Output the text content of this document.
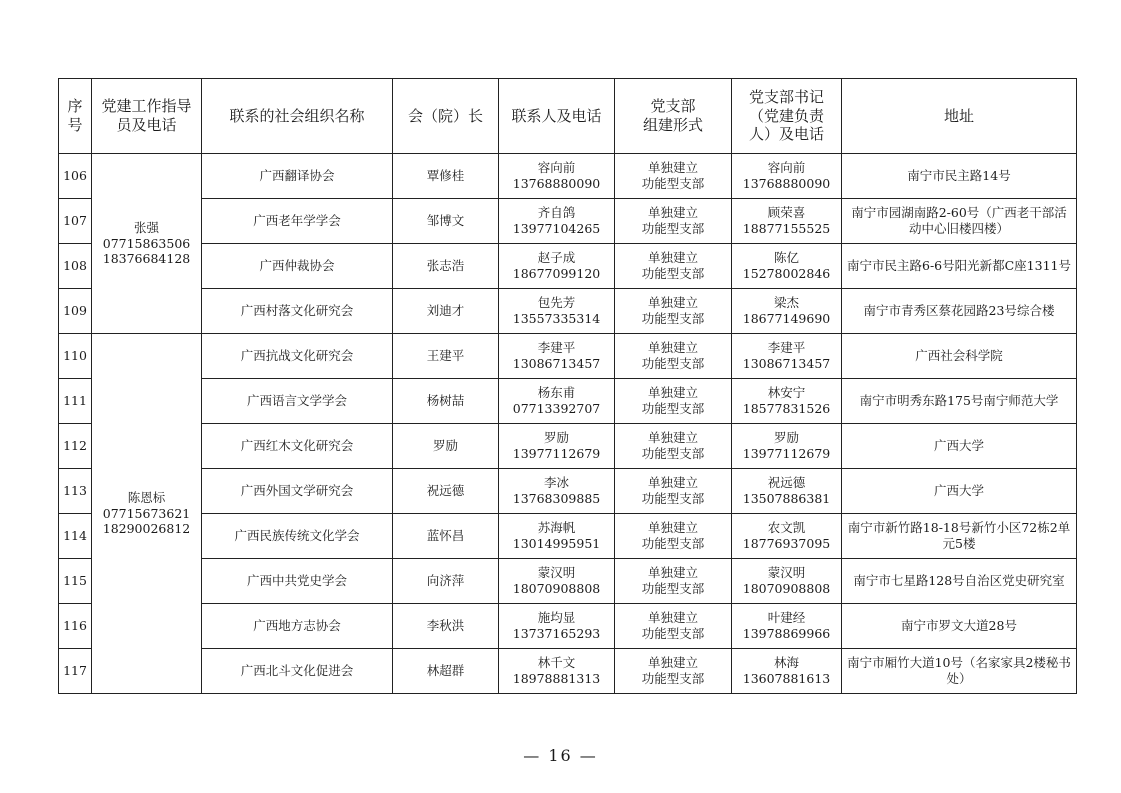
序
号	党建工作指导
员及电话	联系的社会组织名称	会（院）长	联系人及电话	党支部
组建形式	党支部书记
（党建负责
人）及电话	地址
106	张强
07715863506
18376684128	广西翻译协会	覃修桂	容向前
13768880090	单独建立
功能型支部	容向前
13768880090	南宁市民主路14号
107		广西老年学学会	邹博文	齐自鸽
13977104265	单独建立
功能型支部	顾荣喜
18877155525	南宁市园湖南路2-60号（广西老干部活动中心旧楼四楼）
108		广西仲裁协会	张志浩	赵子成
18677099120	单独建立
功能型支部	陈亿
15278002846	南宁市民主路6-6号阳光新都C座1311号
109		广西村落文化研究会	刘迪才	包先芳
13557335314	单独建立
功能型支部	梁杰
18677149690	南宁市青秀区蔡花园路23号综合楼
110	陈恩标
07715673621
18290026812	广西抗战文化研究会	王建平	李建平
13086713457	单独建立
功能型支部	李建平
13086713457	广西社会科学院
111		广西语言文学学会	杨树喆	杨东甫
07713392707	单独建立
功能型支部	林安宁
18577831526	南宁市明秀东路175号南宁师范大学
112		广西红木文化研究会	罗励	罗励
13977112679	单独建立
功能型支部	罗励
13977112679	广西大学
113		广西外国文学研究会	祝远德	李冰
13768309885	单独建立
功能型支部	祝远德
13507886381	广西大学
114		广西民族传统文化学会	蓝怀昌	苏海帆
13014995951	单独建立
功能型支部	农文凯
18776937095	南宁市新竹路18-18号新竹小区72栋2单元5楼
115		广西中共党史学会	向济萍	蒙汉明
18070908808	单独建立
功能型支部	蒙汉明
18070908808	南宁市七星路128号自治区党史研究室
116		广西地方志协会	李秋洪	施均显
13737165293	单独建立
功能型支部	叶建经
13978869966	南宁市罗文大道28号
117		广西北斗文化促进会	林超群	林千文
18978881313	单独建立
功能型支部	林海
13607881613	南宁市厢竹大道10号（名家家具2楼秘书处）
— 16 —
